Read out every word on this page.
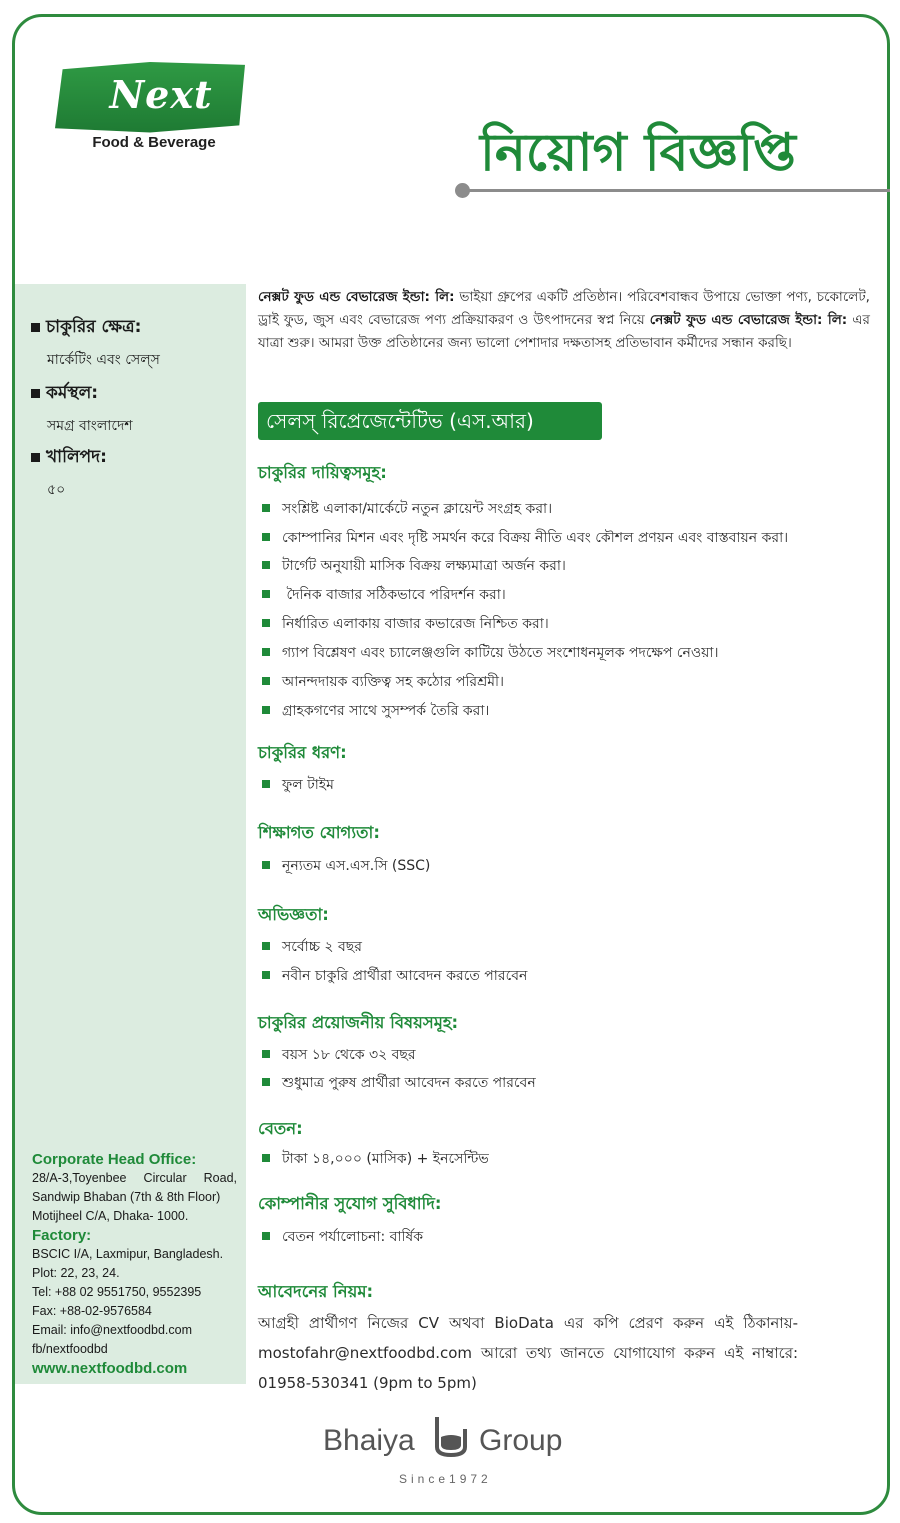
Next
Food & Beverage	নিয়োগ বিজ্ঞপ্তি
চাকুরির ক্ষেত্র:
মার্কেটিং এবং সেল্স
কর্মস্থল:
সমগ্র বাংলাদেশ
খালিপদ:
৫০
Corporate Head Office:
28/A-3,Toyenbee Circular Road,
Sandwip Bhaban (7th & 8th Floor)
Motijheel C/A, Dhaka- 1000.
Factory:
BSCIC I/A, Laxmipur, Bangladesh.
Plot: 22, 23, 24.
Tel: +88 02 9551750, 9552395
Fax: +88-02-9576584
Email: info@nextfoodbd.com
fb/nextfoodbd
www.nextfoodbd.com
নেক্সট ফুড এন্ড বেভারেজ ইন্ডা: লি: ভাইয়া গ্রুপের একটি প্রতিষ্ঠান। পরিবেশবান্ধব উপায়ে ভোক্তা পণ্য, চকোলেট, ড্রাই ফুড, জুস এবং বেভারেজ পণ্য প্রক্রিয়াকরণ ও উৎপাদনের স্বপ্ন নিয়ে নেক্সট ফুড এন্ড বেভারেজ ইন্ডা: লি: এর যাত্রা শুরু। আমরা উক্ত প্রতিষ্ঠানের জন্য ভালো পেশাদার দক্ষতাসহ প্রতিভাবান কর্মীদের সন্ধান করছি।
সেলস্ রিপ্রেজেন্টেটিভ (এস.আর)
চাকুরির দায়িত্বসমূহ:
সংশ্লিষ্ট এলাকা/মার্কেটে নতুন ক্লায়েন্ট সংগ্রহ করা।
কোম্পানির মিশন এবং দৃষ্টি সমর্থন করে বিক্রয় নীতি এবং কৌশল প্রণয়ন এবং বাস্তবায়ন করা।
টার্গেট অনুযায়ী মাসিক বিক্রয় লক্ষ্যমাত্রা অর্জন করা।
দৈনিক বাজার সঠিকভাবে পরিদর্শন করা।
নির্ধারিত এলাকায় বাজার কভারেজ নিশ্চিত করা।
গ্যাপ বিশ্লেষণ এবং চ্যালেঞ্জগুলি কাটিয়ে উঠতে সংশোধনমূলক পদক্ষেপ নেওয়া।
আনন্দদায়ক ব্যক্তিত্ব সহ কঠোর পরিশ্রমী।
গ্রাহকগণের সাথে সুসম্পর্ক তৈরি করা।
চাকুরির ধরণ:
ফুল টাইম
শিক্ষাগত যোগ্যতা:
নূন্যতম এস.এস.সি (SSC)
অভিজ্ঞতা:
সর্বোচ্চ ২ বছর
নবীন চাকুরি প্রার্থীরা আবেদন করতে পারবেন
চাকুরির প্রয়োজনীয় বিষয়সমূহ:
বয়স ১৮ থেকে ৩২ বছর
শুধুমাত্র পুরুষ প্রার্থীরা আবেদন করতে পারবেন
বেতন:
টাকা ১৪,০০০ (মাসিক) + ইনসেন্টিভ
কোম্পানীর সুযোগ সুবিধাদি:
বেতন পর্যালোচনা: বার্ষিক
আবেদনের নিয়ম:
আগ্রহী প্রার্থীগণ নিজের CV অথবা BioData এর কপি প্রেরণ করুন এই ঠিকানায়- mostofahr@nextfoodbd.com আরো তথ্য জানতে যোগাযোগ করুন এই নাম্বারে: 01958-530341 (9pm to 5pm)
Bhaiya Group
Since1972
